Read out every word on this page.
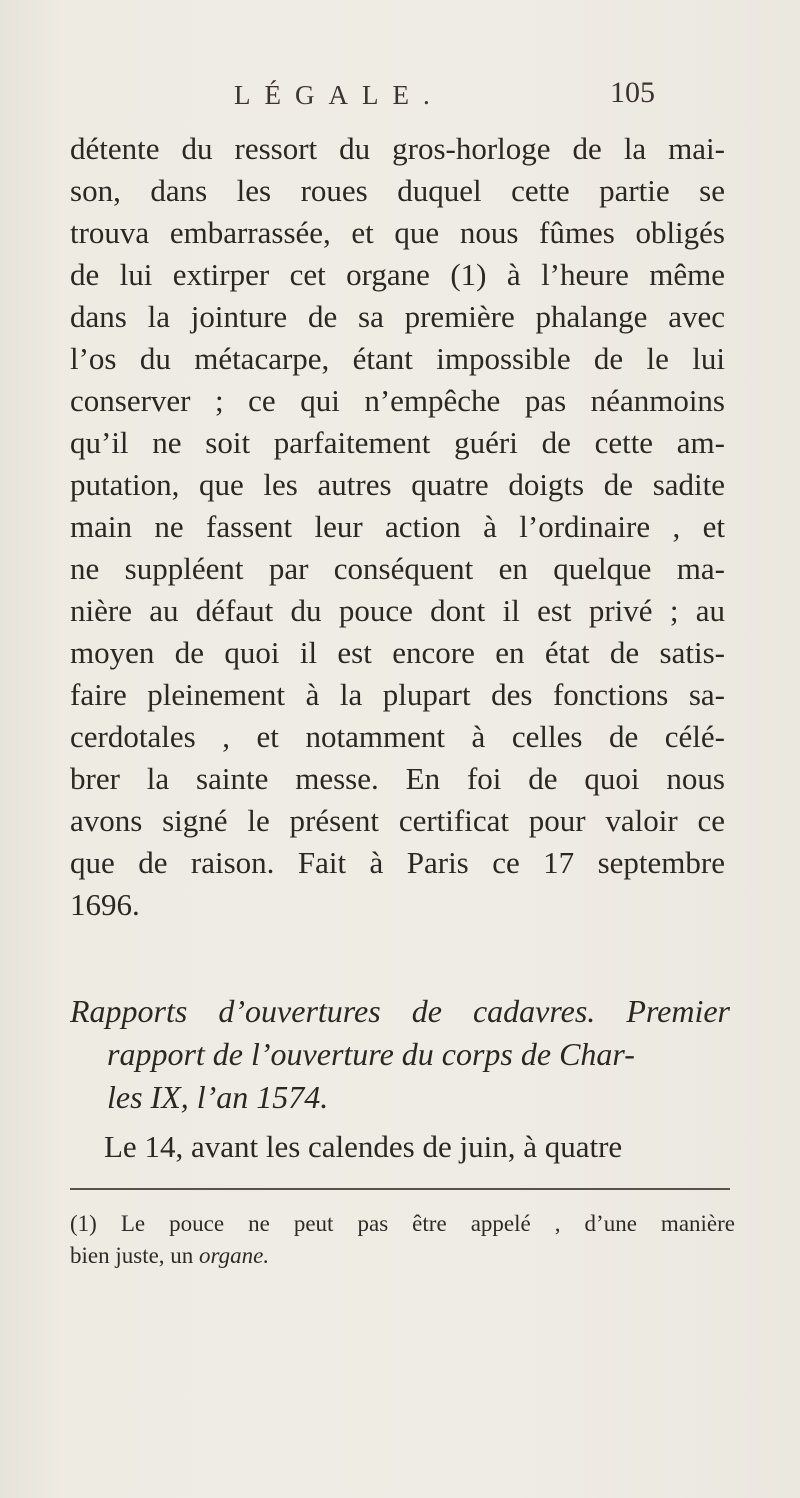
LÉGALE.	105
détente du ressort du gros-horloge de la mai-
son, dans les roues duquel cette partie se
trouva embarrassée, et que nous fûmes obligés
de lui extirper cet organe (1) à l’heure même
dans la jointure de sa première phalange avec
l’os du métacarpe, étant impossible de le lui
conserver ; ce qui n’empêche pas néanmoins
qu’il ne soit parfaitement guéri de cette am-
putation, que les autres quatre doigts de sadite
main ne fassent leur action à l’ordinaire , et
ne suppléent par conséquent en quelque ma-
nière au défaut du pouce dont il est privé ; au
moyen de quoi il est encore en état de satis-
faire pleinement à la plupart des fonctions sa-
cerdotales , et notamment à celles de célé-
brer la sainte messe. En foi de quoi nous
avons signé le présent certificat pour valoir ce
que de raison. Fait à Paris ce 17 septembre
1696.
Rapports d’ouvertures de cadavres. Premier
rapport de l’ouverture du corps de Char-
les IX, l’an 1574.
Le 14, avant les calendes de juin, à quatre
(1) Le pouce ne peut pas être appelé , d’une manière
bien juste, un organe.
